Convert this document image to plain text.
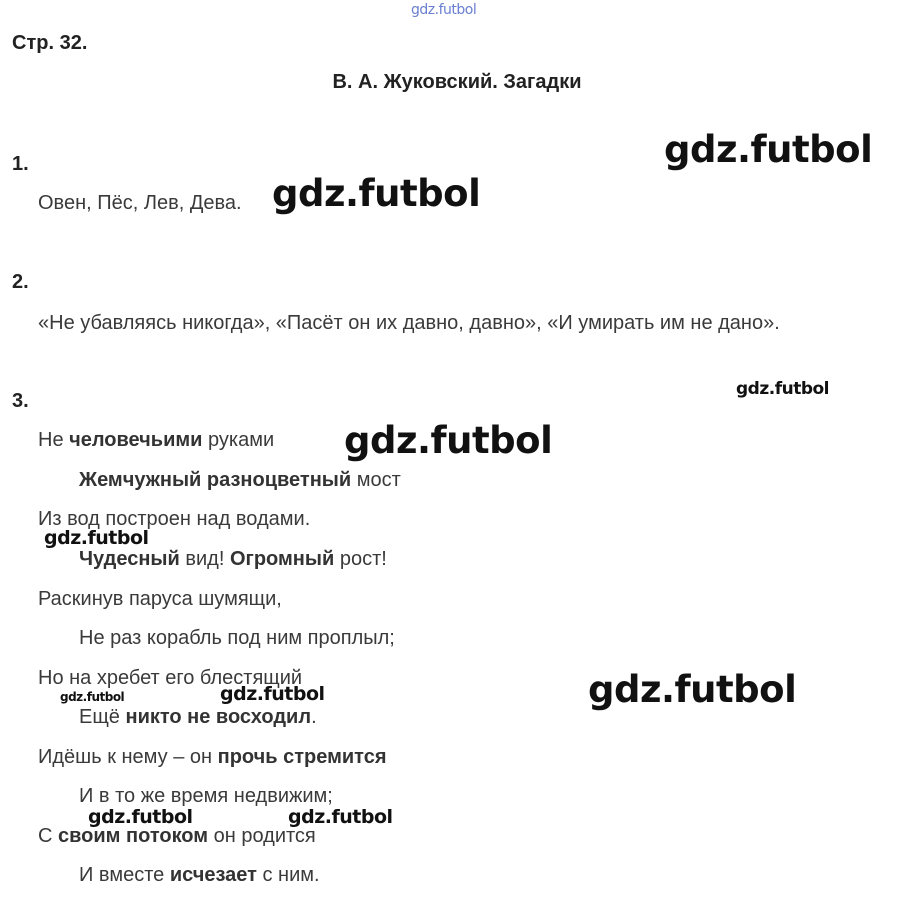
gdz.futbol
Стр. 32.
В. А. Жуковский. Загадки
1.
Овен, Пёс, Лев, Дева.
2.
«Не убавляясь никогда», «Пасёт он их давно, давно», «И умирать им не дано».
3.
Не человечьими руками
Жемчужный разноцветный мост
Из вод построен над водами.
Чудесный вид! Огромный рост!
Раскинув паруса шумящи,
Не раз корабль под ним проплыл;
Но на хребет его блестящий
Ещё никто не восходил.
Идёшь к нему – он прочь стремится
И в то же время недвижим;
С своим потоком он родится
И вместе исчезает с ним.
gdz.futbol
gdz.futbol
gdz.futbol
gdz.futbol
gdz.futbol
gdz.futbol	gdz.futbol	gdz.futbol
gdz.futbol	gdz.futbol
